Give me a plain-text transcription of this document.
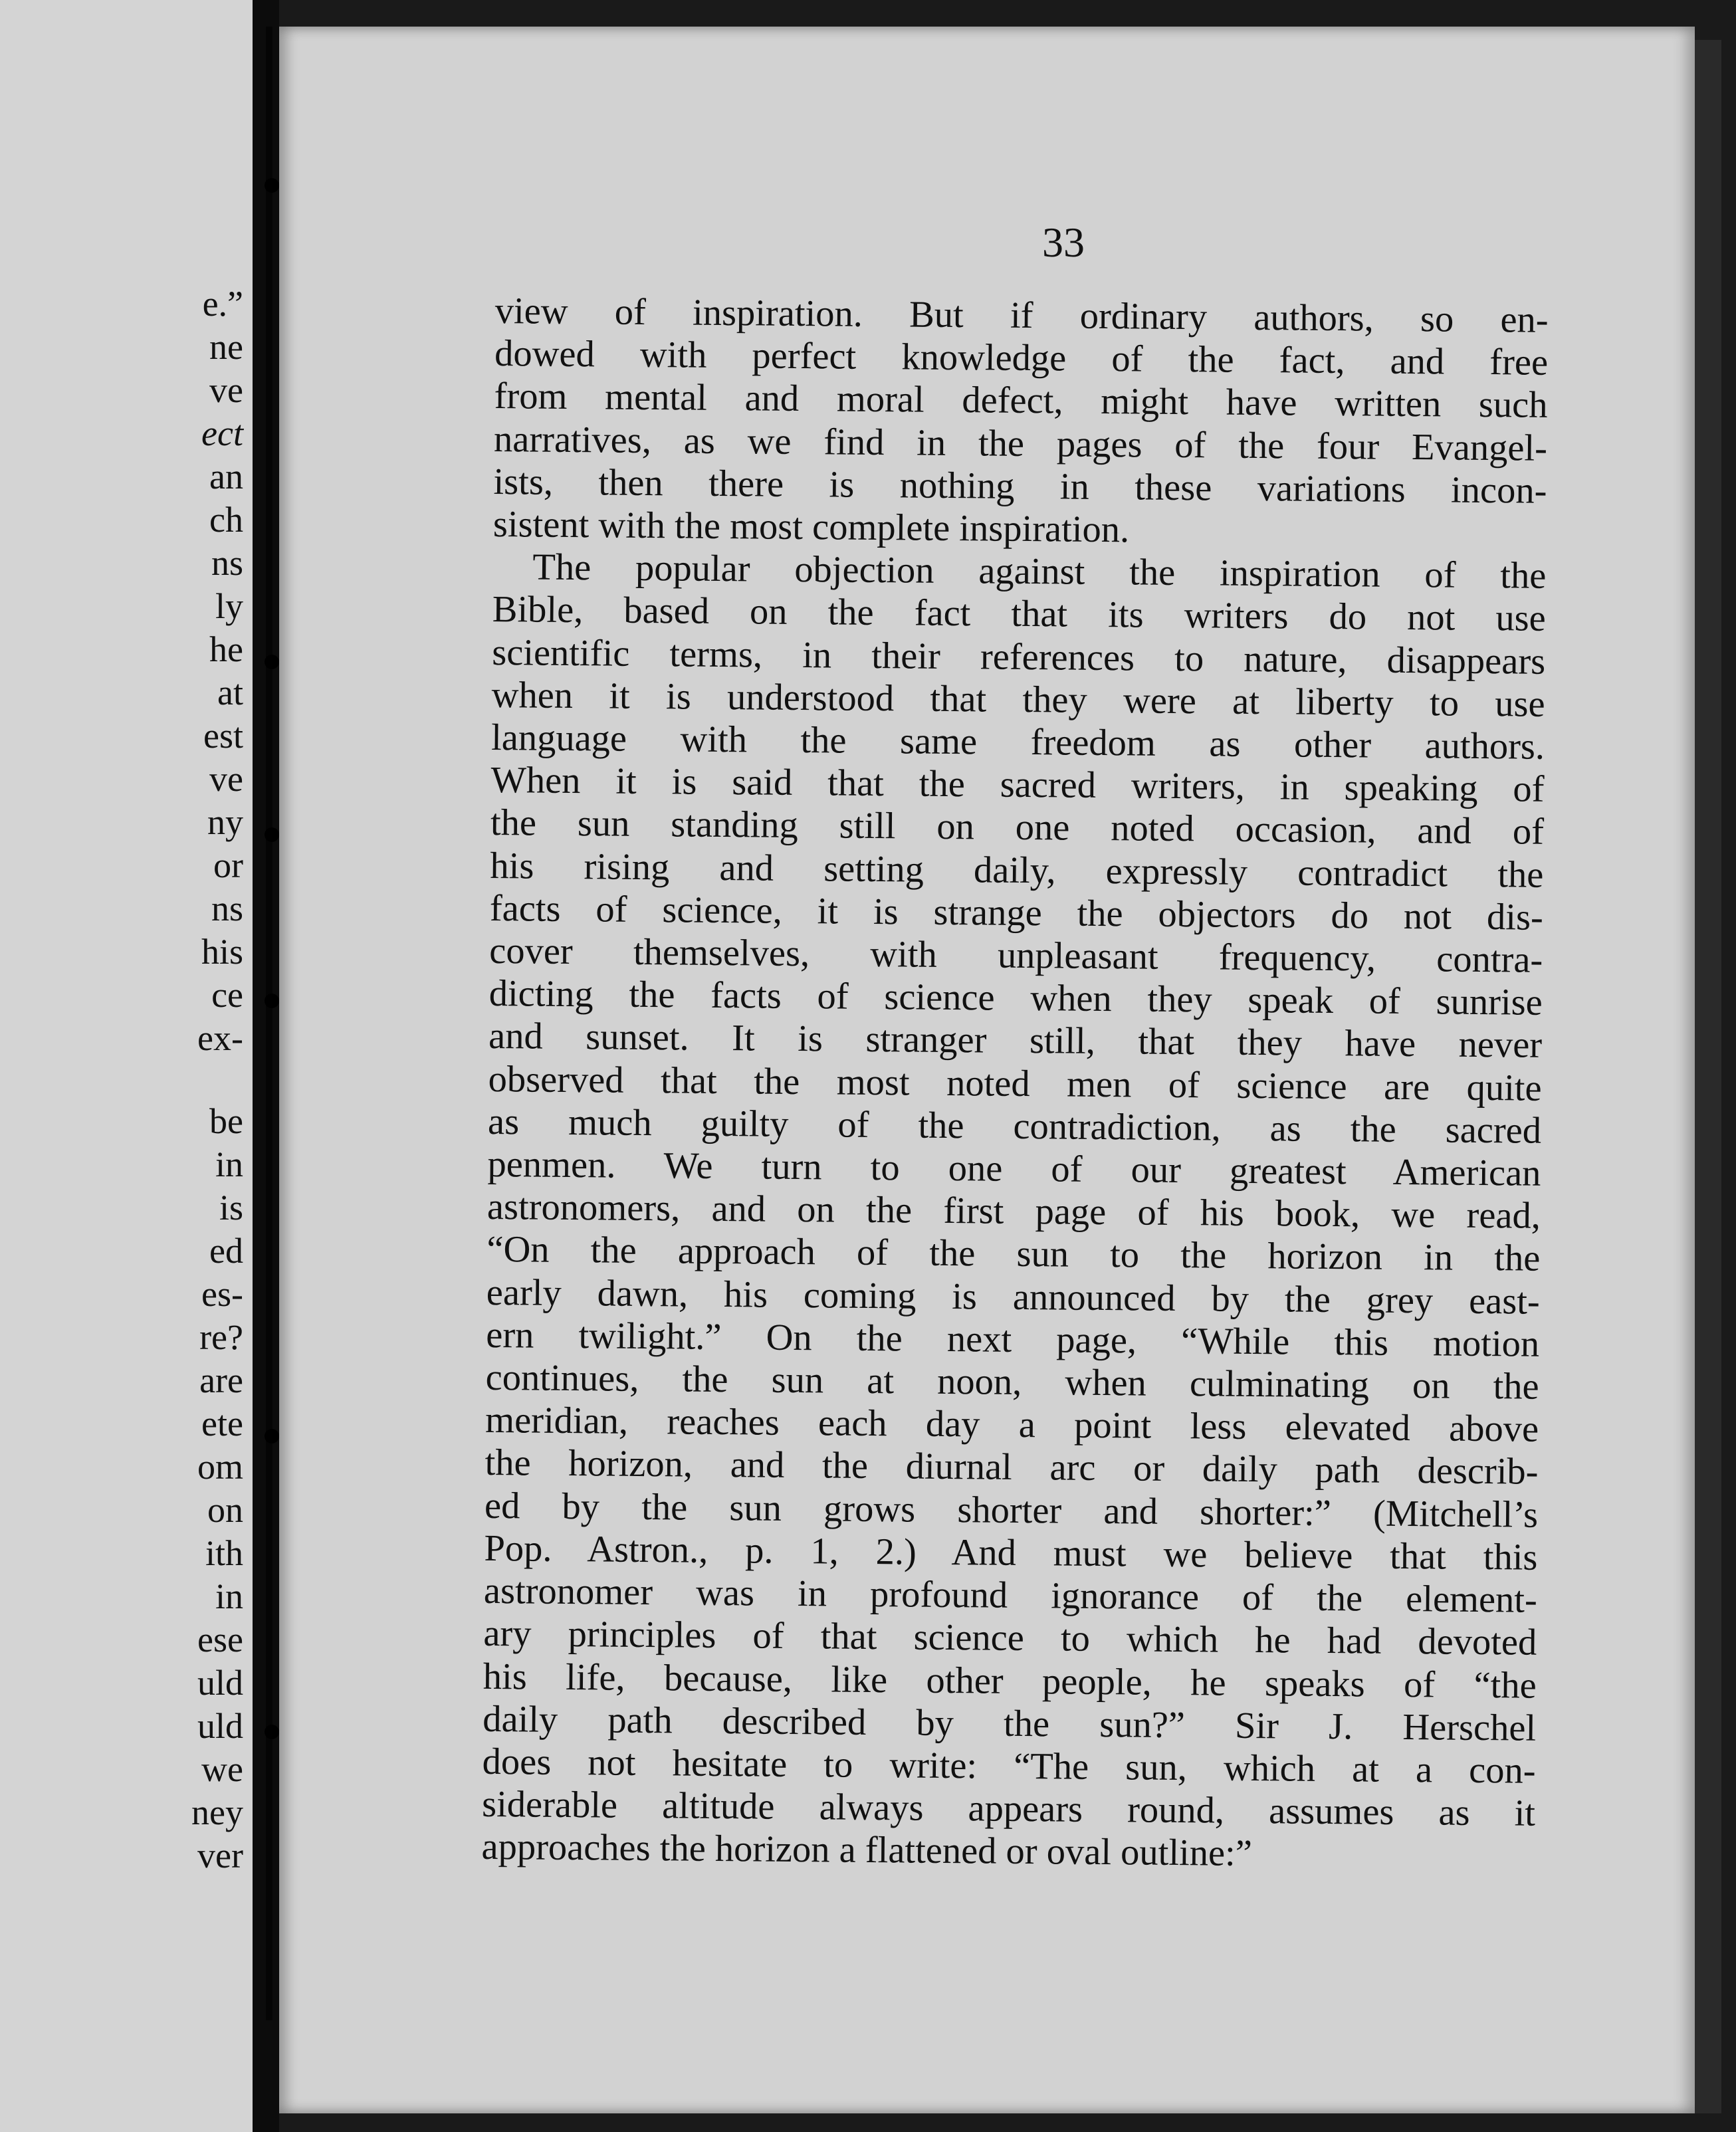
e.”
ne
ve
ect
an
ch
ns
ly
he
at
est
ve
ny
or
ns
his
ce
ex-
be
in
is
ed
es-
re?
are
ete
om
on
ith
in
ese
uld
uld
we
ney
ver
33
view of inspiration. But if ordinary authors, so en-
dowed with perfect knowledge of the fact, and free
from mental and moral defect, might have written such
narratives, as we find in the pages of the four Evangel-
ists, then there is nothing in these variations incon-
sistent with the most complete inspiration.
The popular objection against the inspiration of the
Bible, based on the fact that its writers do not use
scientific terms, in their references to nature, disappears
when it is understood that they were at liberty to use
language with the same freedom as other authors.
When it is said that the sacred writers, in speaking of
the sun standing still on one noted occasion, and of
his rising and setting daily, expressly contradict the
facts of science, it is strange the objectors do not dis-
cover themselves, with unpleasant frequency, contra-
dicting the facts of science when they speak of sunrise
and sunset. It is stranger still, that they have never
observed that the most noted men of science are quite
as much guilty of the contradiction, as the sacred
penmen. We turn to one of our greatest American
astronomers, and on the first page of his book, we read,
“On the approach of the sun to the horizon in the
early dawn, his coming is announced by the grey east-
ern twilight.” On the next page, “While this motion
continues, the sun at noon, when culminating on the
meridian, reaches each day a point less elevated above
the horizon, and the diurnal arc or daily path describ-
ed by the sun grows shorter and shorter:” (Mitchell’s
Pop. Astron., p. 1, 2.) And must we believe that this
astronomer was in profound ignorance of the element-
ary principles of that science to which he had devoted
his life, because, like other people, he speaks of “the
daily path described by the sun?” Sir J. Herschel
does not hesitate to write: “The sun, which at a con-
siderable altitude always appears round, assumes as it
approaches the horizon a flattened or oval outline:”
